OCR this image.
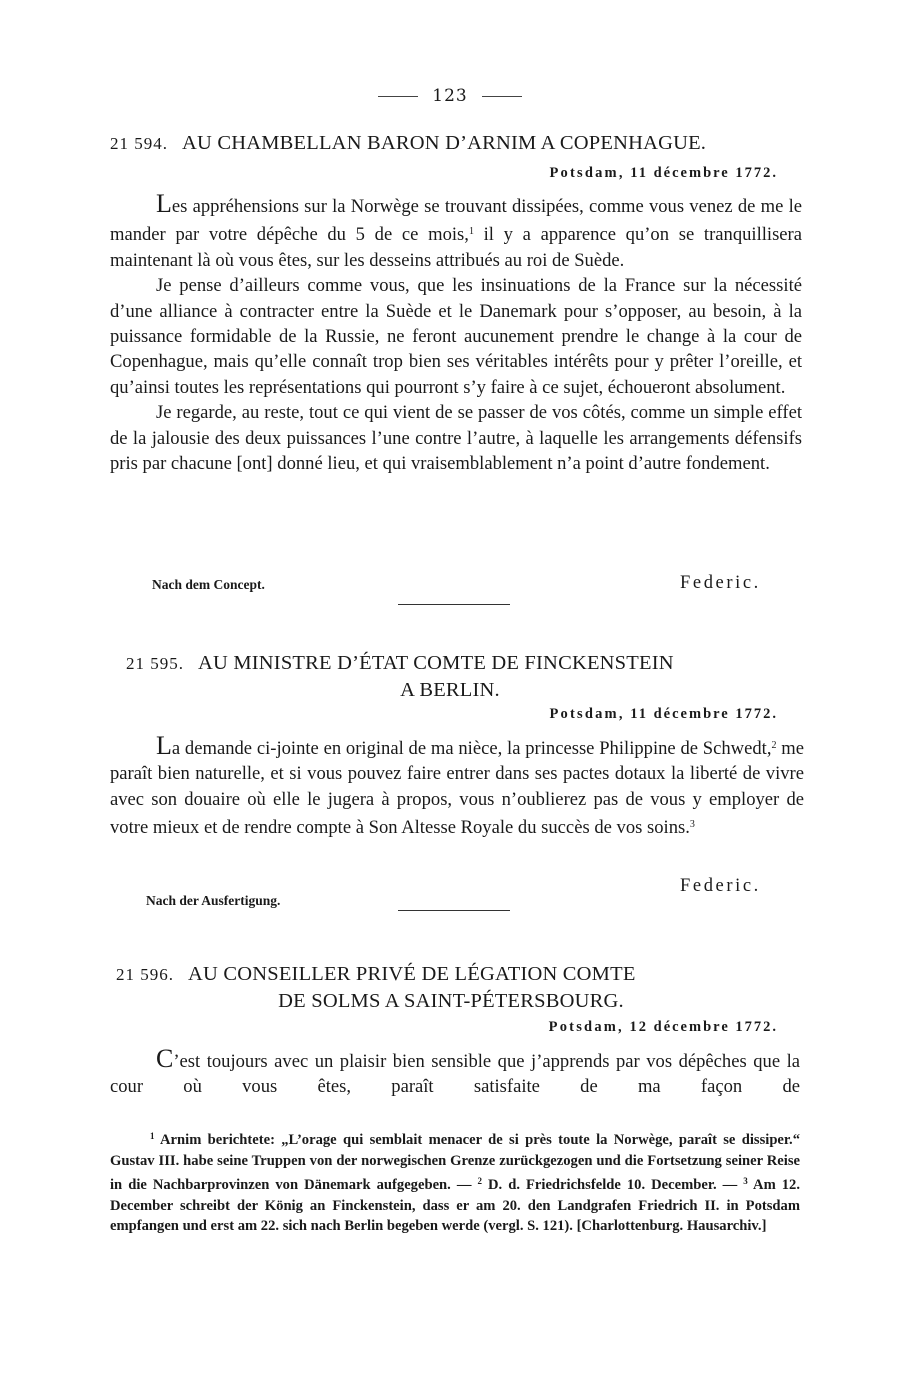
123
21 594. AU CHAMBELLAN BARON D’ARNIM A COPENHAGUE.
Potsdam, 11 décembre 1772.

Les appréhensions sur la Norwège se trouvant dissipées, comme vous venez de me le mander par votre dépêche du 5 de ce mois,$^1$ il y a apparence qu’on se tranquillisera maintenant là où vous êtes, sur les desseins attribués au roi de Suède.

Je pense d’ailleurs comme vous, que les insinuations de la France sur la nécessité d’une alliance à contracter entre la Suède et le Danemark pour s’opposer, au besoin, à la puissance formidable de la Russie, ne feront aucunement prendre le change à la cour de Copenhague, mais qu’elle connaît trop bien ses véritables intérêts pour y prêter l’oreille, et qu’ainsi toutes les représentations qui pourront s’y faire à ce sujet, échoueront absolument.

Je regarde, au reste, tout ce qui vient de se passer de vos côtés, comme un simple effet de la jalousie des deux puissances l’une contre l’autre, à laquelle les arrangements défensifs pris par chacune [ont] donné lieu, et qui vraisemblablement n’a point d’autre fondement.

Nach dem Concept.	Federic.
21 595. AU MINISTRE D’ÉTAT COMTE DE FINCKENSTEIN
A BERLIN.
Potsdam, 11 décembre 1772.

La demande ci-jointe en original de ma nièce, la princesse Philippine de Schwedt,$^2$ me paraît bien naturelle, et si vous pouvez faire entrer dans ses pactes dotaux la liberté de vivre avec son douaire où elle le jugera à propos, vous n’oublierez pas de vous y employer de votre mieux et de rendre compte à Son Altesse Royale du succès de vos soins.$^3$

Federic.
Nach der Ausfertigung.
21 596. AU CONSEILLER PRIVÉ DE LÉGATION COMTE
DE SOLMS A SAINT-PÉTERSBOURG.
Potsdam, 12 décembre 1772.

C’est toujours avec un plaisir bien sensible que j’apprends par vos dépêches que la cour où vous êtes, paraît satisfaite de ma façon de

$^1$ Arnim berichtete: „L’orage qui semblait menacer de si près toute la Norwège, paraît se dissiper.“ Gustav III. habe seine Truppen von der norwegischen Grenze zurückgezogen und die Fortsetzung seiner Reise in die Nachbarprovinzen von Dänemark aufgegeben. — $^2$ D. d. Friedrichsfelde 10. December. — $^3$ Am 12. December schreibt der König an Finckenstein, dass er am 20. den Landgrafen Friedrich II. in Potsdam empfangen und erst am 22. sich nach Berlin begeben werde (vergl. S. 121). [Charlottenburg. Hausarchiv.]
